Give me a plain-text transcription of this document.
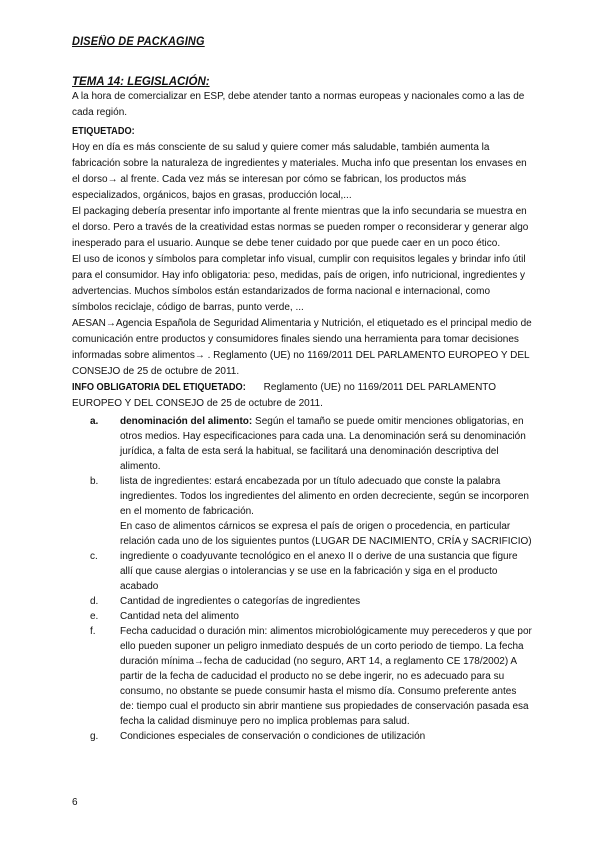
DISEÑO DE PACKAGING

TEMA 14: LEGISLACIÓN:

A la hora de comercializar en ESP, debe atender tanto a normas europeas y nacionales como a las de cada región.

ETIQUETADO:

Hoy en día es más consciente de su salud y quiere comer más saludable, también aumenta la fabricación sobre la naturaleza de ingredientes y materiales. Mucha info que presentan los envases en el dorso→ al frente. Cada vez más se interesan por cómo se fabrican, los productos más especializados, orgánicos, bajos en grasas, producción local,...

El packaging debería presentar info importante al frente mientras que la info secundaria se muestra en el dorso. Pero a través de la creatividad estas normas se pueden romper o reconsiderar y generar algo inesperado para el usuario. Aunque se debe tener cuidado por que puede caer en un poco ético.

El uso de iconos y símbolos para completar info visual, cumplir con requisitos legales y brindar info útil para el consumidor. Hay info obligatoria: peso, medidas, país de origen, info nutricional, ingredientes y advertencias. Muchos símbolos están estandarizados de forma nacional e internacional, como símbolos reciclaje, código de barras, punto verde, ...

AESAN→Agencia Española de Seguridad Alimentaria y Nutrición, el etiquetado es el principal medio de comunicación entre productos y consumidores finales siendo una herramienta para tomar decisiones informadas sobre alimentos→ . Reglamento (UE) no 1169/2011 DEL PARLAMENTO EUROPEO Y DEL CONSEJO de 25 de octubre de 2011.

INFO OBLIGATORIA DEL ETIQUETADO: Reglamento (UE) no 1169/2011 DEL PARLAMENTO EUROPEO Y DEL CONSEJO de 25 de octubre de 2011.

a.	denominación del alimento: Según el tamaño se puede omitir menciones obligatorias, en otros medios. Hay especificaciones para cada una. La denominación será su denominación jurídica, a falta de esta será la habitual, se facilitará una denominación descriptiva del alimento.
b.	lista de ingredientes: estará encabezada por un título adecuado que conste la palabra ingredientes. Todos los ingredientes del alimento en orden decreciente, según se incorporen en el momento de fabricación.
En caso de alimentos cárnicos se expresa el país de origen o procedencia, en particular relación cada uno de los siguientes puntos (LUGAR DE NACIMIENTO, CRÍA y SACRIFICIO)
c.	ingrediente o coadyuvante tecnológico en el anexo II o derive de una sustancia que figure allí que cause alergias o intolerancias y se use en la fabricación y siga en el producto acabado
d.	Cantidad de ingredientes o categorías de ingredientes
e.	Cantidad neta del alimento
f.	Fecha caducidad o duración min: alimentos microbiológicamente muy perecederos y que por ello pueden suponer un peligro inmediato después de un corto periodo de tiempo. La fecha duración mínima→fecha de caducidad (no seguro, ART 14, a reglamento CE 178/2002) A partir de la fecha de caducidad el producto no se debe ingerir, no es adecuado para su consumo, no obstante se puede consumir hasta el mismo día. Consumo preferente antes de: tiempo cual el producto sin abrir mantiene sus propiedades de conservación pasada esa fecha la calidad disminuye pero no implica problemas para salud.
g.	Condiciones especiales de conservación o condiciones de utilización
6
